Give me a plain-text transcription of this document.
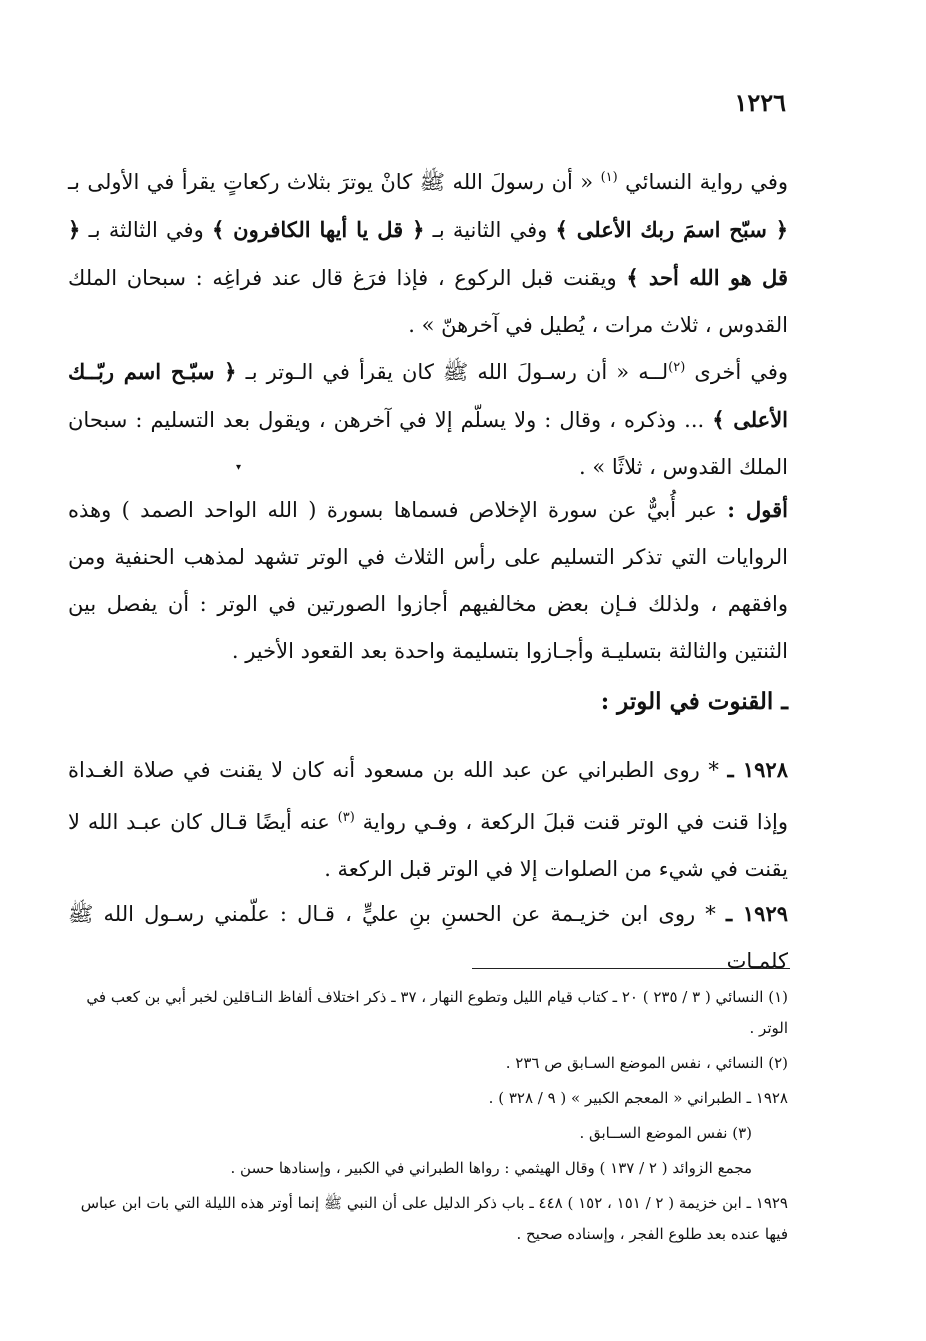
١٢٢٦

وفي رواية النسائي $^{(١)}$ « أن رسولَ الله ﷺ كانْ يوترَ بثلاث ركعاتٍ يقرأ في الأولى بـ ﴿ سبّح اسمَ ربك الأعلى ﴾ وفي الثانية بـ ﴿ قل يا أيها الكافرون ﴾ وفي الثالثة بـ ﴿ قل هو الله أحد ﴾ ويقنت قبل الركوع ، فإذا فرَغ قال عند فراغِه : سبحان الملك القدوس ، ثلاث مرات ، يُطيل في آخرهنّ » .

وفي أخرى $^{(٢)}$لــه « أن رسـولَ الله ﷺ كان يقرأ في الـوتر بـ ﴿ سبّـح اسم ربّــك الأعلى ﴾ ... وذكره ، وقال : ولا يسلّم إلا في آخرهن ، ويقول بعد التسليم : سبحان الملك القدوس ، ثلاثًا » .

▾

أقول : عبر أُبيٌّ عن سورة الإخلاص فسماها بسورة ( الله الواحد الصمد ) وهذه الروايات التي تذكر التسليم على رأس الثلاث في الوتر تشهد لمذهب الحنفية ومن وافقهم ، ولذلك فـإن بعض مخالفيهم أجازوا الصورتين في الوتر : أن يفصل بين الثنتين والثالثة بتسليـة وأجـازوا بتسليمة واحدة بعد القعود الأخير .

ـ القنوت في الوتر :

١٩٢٨ ـ * روى الطبراني عن عبد الله بن مسعود أنه كان لا يقنت في صلاة الغـداة وإذا قنت في الوتر قنت قبلَ الركعة ، وفـي رواية $^{(٣)}$ عنه أيضًا قـال كان عبـد الله لا يقنت في شيء من الصلوات إلا في الوتر قبل الركعة .

١٩٢٩ ـ * روى ابن خزيـمة عن الحسنِ بنِ عليٍّ ، قـال : علّمني رسـول الله ﷺ كلمـات

(١) النسائي ( ٣ / ٢٣٥ ) ٢٠ ـ كتاب قيام الليل وتطوع النهار ، ٣٧ ـ ذكر اختلاف ألفاظ النـاقلين لخبر أبي بن كعب في الوتر .

(٢) النسائي ، نفس الموضع السـابق ص ٢٣٦ .

١٩٢٨ ـ الطبراني « المعجم الكبير » ( ٩ / ٣٢٨ ) .

(٣) نفس الموضع الســابق .

مجمع الزوائد ( ٢ / ١٣٧ ) وقال الهيثمي : رواها الطبراني في الكبير ، وإسنادها حسن .

١٩٢٩ ـ ابن خزيمة ( ٢ / ١٥١ ، ١٥٢ ) ٤٤٨ ـ باب ذكر الدليل على أن النبي ﷺ إنما أوتر هذه الليلة التي بات ابن عباس فيها عنده بعد طلوع الفجر ، وإسناده صحيح .
